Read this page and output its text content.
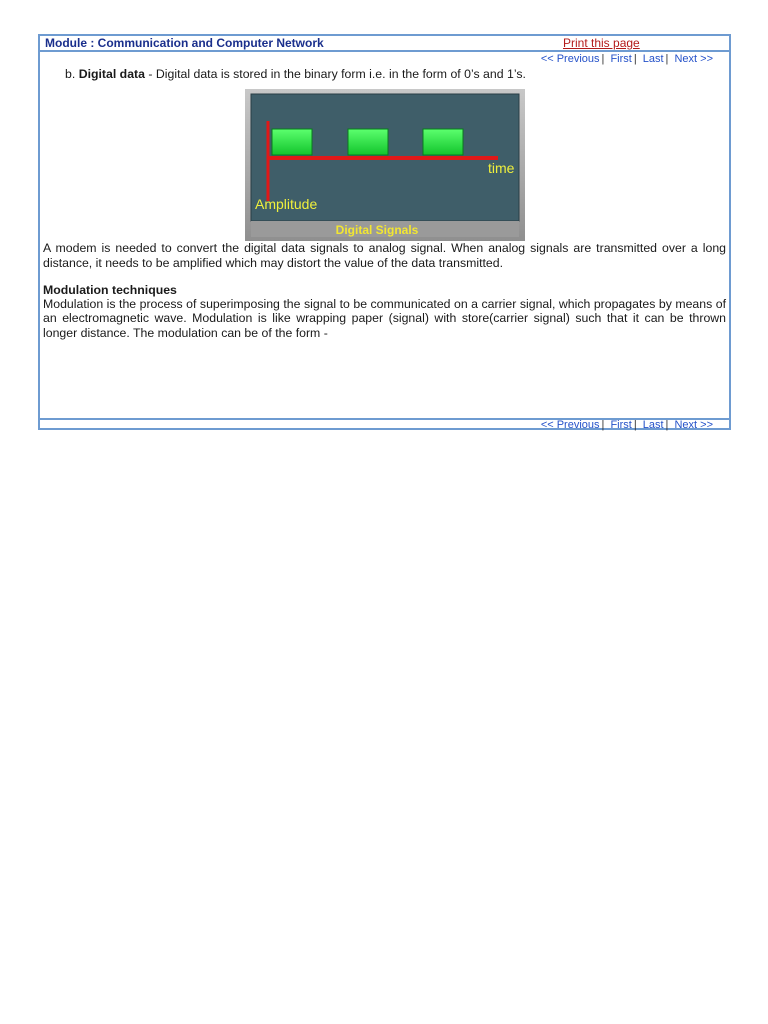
Module : Communication and Computer Network	Print this page
<< Previous | First | Last | Next >>
b. Digital data - Digital data is stored in the binary form i.e. in the form of 0’s and 1’s.
time
Amplitude
Digital Signals

A modem is needed to convert the digital data signals to analog signal. When analog signals are transmitted over a long distance, it needs to be amplified which may distort the value of the data transmitted.

Modulation techniques

Modulation is the process of superimposing the signal to be communicated on a carrier signal, which propagates by means of an electromagnetic wave. Modulation is like wrapping paper (signal) with store(carrier signal) such that it can be thrown longer distance. The modulation can be of the form -

<< Previous | First | Last | Next >>
